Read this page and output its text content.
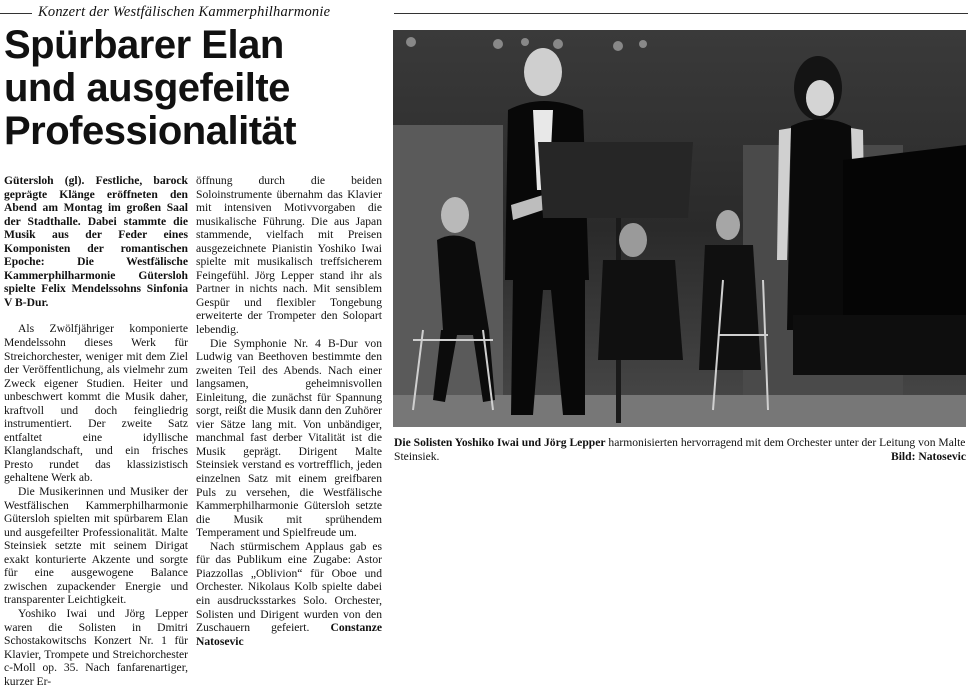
Konzert der Westfälischen Kammerphilharmonie
Spürbarer Elan
und ausgefeilte
Professionalität

Gütersloh (gl). Festliche, barock geprägte Klänge eröffneten den Abend am Montag im großen Saal der Stadthalle. Dabei stammte die Musik aus der Feder eines Komponisten der romantischen Epoche: Die Westfälische Kammerphilharmonie Gütersloh spielte Felix Mendelssohns Sinfonia V B-Dur.

Als Zwölfjähriger komponierte Mendelssohn dieses Werk für Streichorchester, weniger mit dem Ziel der Veröffentlichung, als vielmehr zum Zweck eigener Studien. Heiter und unbeschwert kommt die Musik daher, kraftvoll und doch feingliedrig instrumentiert. Der zweite Satz entfaltet eine idyllische Klanglandschaft, und ein frisches Presto rundet das klassizistisch gehaltene Werk ab.

Die Musikerinnen und Musiker der Westfälischen Kammerphilharmonie Gütersloh spielten mit spürbarem Elan und ausgefeilter Professionalität. Malte Steinsiek setzte mit seinem Dirigat exakt konturierte Akzente und sorgte für eine ausgewogene Balance zwischen zupackender Energie und transparenter Leichtigkeit.

Yoshiko Iwai und Jörg Lepper waren die Solisten in Dmitri Schostakowitschs Konzert Nr. 1 für Klavier, Trompete und Streichorchester c-Moll op. 35. Nach fanfarenartiger, kurzer Er-

öffnung durch die beiden Soloinstrumente übernahm das Klavier mit intensiven Motivvorgaben die musikalische Führung. Die aus Japan stammende, vielfach mit Preisen ausgezeichnete Pianistin Yoshiko Iwai spielte mit musikalisch treffsicherem Feingefühl. Jörg Lepper stand ihr als Partner in nichts nach. Mit sensiblem Gespür und flexibler Tongebung erweiterte der Trompeter den Solopart lebendig.

Die Symphonie Nr. 4 B-Dur von Ludwig van Beethoven bestimmte den zweiten Teil des Abends. Nach einer langsamen, geheimnisvollen Einleitung, die zunächst für Spannung sorgt, reißt die Musik dann den Zuhörer vier Sätze lang mit. Von unbändiger, manchmal fast derber Vitalität ist die Musik geprägt. Dirigent Malte Steinsiek verstand es vortrefflich, jeden einzelnen Satz mit einem greifbaren Puls zu versehen, die Westfälische Kammerphilharmonie Gütersloh setzte die Musik mit sprühendem Temperament und Spielfreude um.

Nach stürmischem Applaus gab es für das Publikum eine Zugabe: Astor Piazzollas „Oblivion“ für Oboe und Orchester. Nikolaus Kolb spielte dabei ein ausdrucksstarkes Solo. Orchester, Solisten und Dirigent wurden von den Zuschauern gefeiert. Constanze Natosevic

Die Solisten Yoshiko Iwai und Jörg Lepper harmonisierten hervorragend mit dem Orchester unter der Leitung von Malte Steinsiek.	Bild: Natosevic
